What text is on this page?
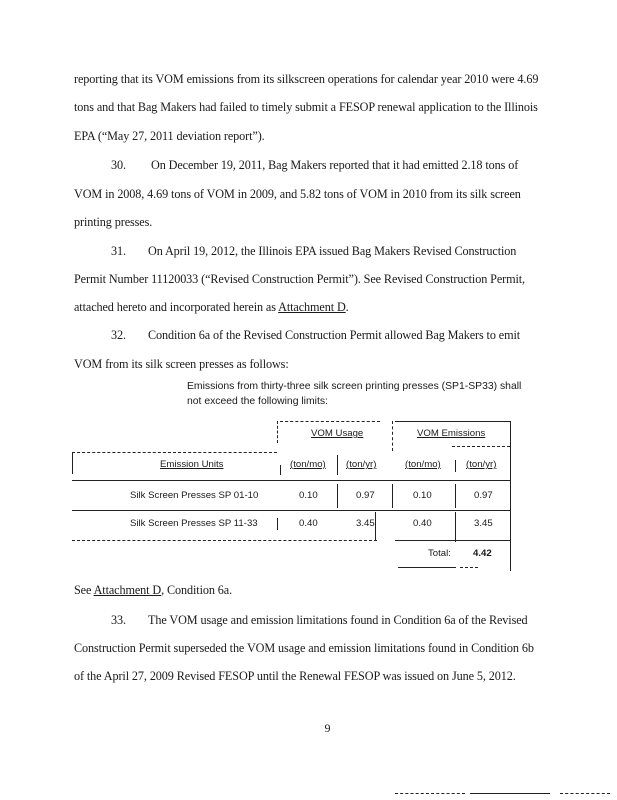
reporting that its VOM emissions from its silkscreen operations for calendar year 2010 were 4.69
tons and that Bag Makers had failed to timely submit a FESOP renewal application to the Illinois
EPA (“May 27, 2011 deviation report”).
30. On December 19, 2011, Bag Makers reported that it had emitted 2.18 tons of
VOM in 2008, 4.69 tons of VOM in 2009, and 5.82 tons of VOM in 2010 from its silk screen
printing presses.
31. On April 19, 2012, the Illinois EPA issued Bag Makers Revised Construction
Permit Number 11120033 (“Revised Construction Permit”). See Revised Construction Permit,
attached hereto and incorporated herein as Attachment D.
32. Condition 6a of the Revised Construction Permit allowed Bag Makers to emit
VOM from its silk screen presses as follows:
Emissions from thirty-three silk screen printing presses (SP1-SP33) shall
not exceed the following limits:
VOM Usage	VOM Emissions
Emission Units	(ton/mo) (ton/yr)	(ton/mo)	(ton/yr)
Silk Screen Presses SP 01-10	0.10	0.97	0.10	0.97
Silk Screen Presses SP 11-33	0.40	3.45	0.40	3.45
Total: 4.42
See Attachment D, Condition 6a.
33. The VOM usage and emission limitations found in Condition 6a of the Revised
Construction Permit superseded the VOM usage and emission limitations found in Condition 6b
of the April 27, 2009 Revised FESOP until the Renewal FESOP was issued on June 5, 2012.
9
